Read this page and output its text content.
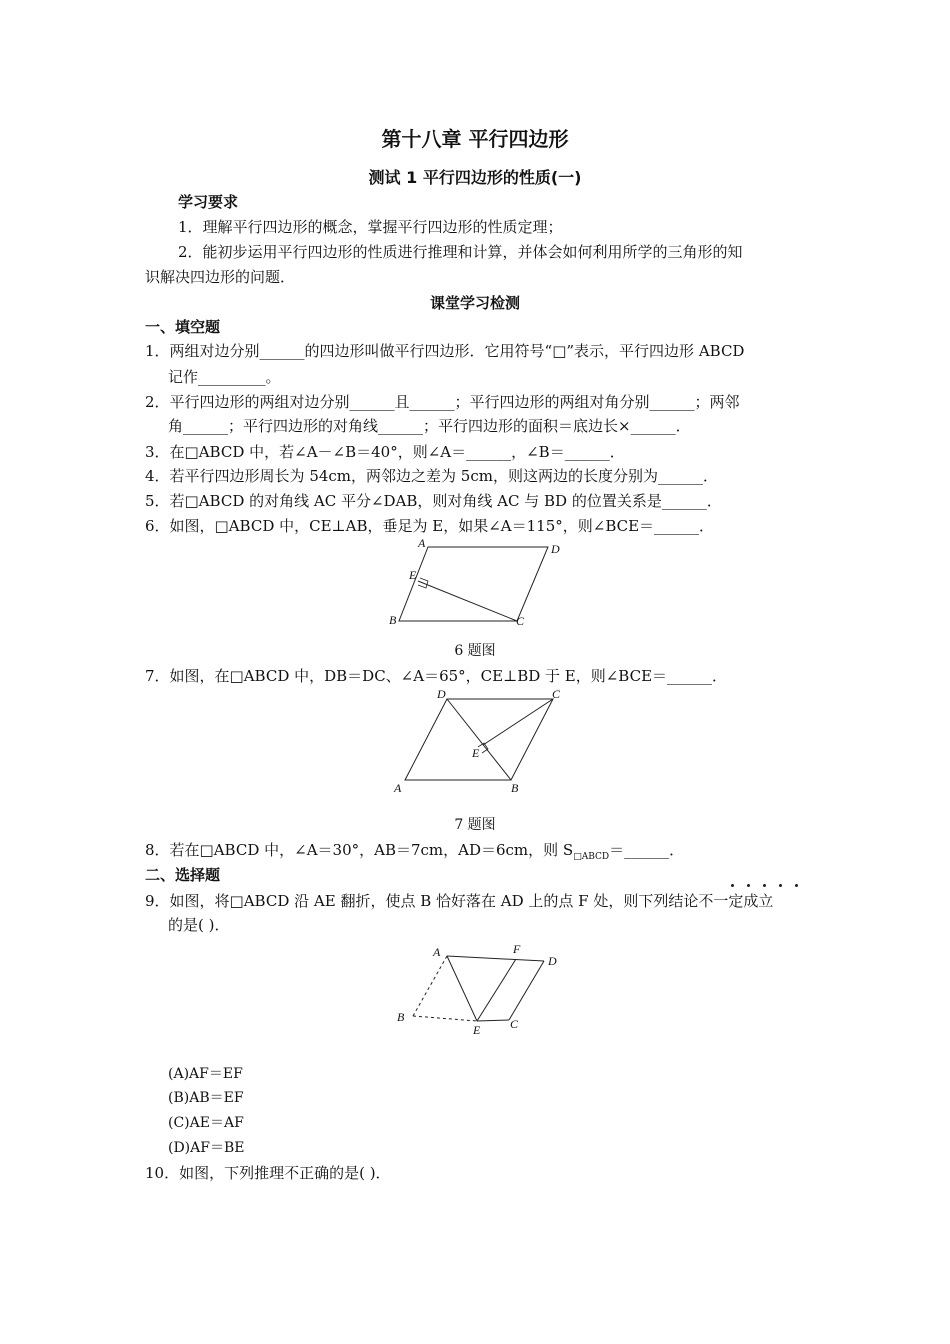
第十八章 平行四边形
测试 1 平行四边形的性质(一)
学习要求
1．理解平行四边形的概念，掌握平行四边形的性质定理；
2．能初步运用平行四边形的性质进行推理和计算，并体会如何利用所学的三角形的知
识解决四边形的问题．
课堂学习检测
一、填空题
1．两组对边分别______的四边形叫做平行四边形．它用符号“□”表示，平行四边形 ABCD
记作_________。
2．平行四边形的两组对边分别______且______；平行四边形的两组对角分别______；两邻
角______；平行四边形的对角线______；平行四边形的面积＝底边长×______．
3．在□ABCD 中，若∠A－∠B＝40°，则∠A＝______，∠B＝______．
4．若平行四边形周长为 54cm，两邻边之差为 5cm，则这两边的长度分别为______．
5．若□ABCD 的对角线 AC 平分∠DAB，则对角线 AC 与 BD 的位置关系是______．
6．如图，□ABCD 中，CE⊥AB，垂足为 E，如果∠A＝115°，则∠BCE＝______．
A	D
E
B	C
6 题图
7．如图，在□ABCD 中，DB＝DC、∠A＝65°，CE⊥BD 于 E，则∠BCE＝______．
D	C
E
A	B
7 题图
8．若在□ABCD 中，∠A＝30°，AB＝7cm，AD＝6cm，则 $S_{□ABCD}=\_\_\_\_\_\_$．
二、选择题
9．如图，将□ABCD 沿 AE 翻折，使点 B 恰好落在 AD 上的点 F 处，则下列结论不一定成立
的是( )．
A	F
D
B
E C
(A)AF＝EF
(B)AB＝EF
(C)AE＝AF
(D)AF＝BE
10．如图，下列推理不正确的是( )．
